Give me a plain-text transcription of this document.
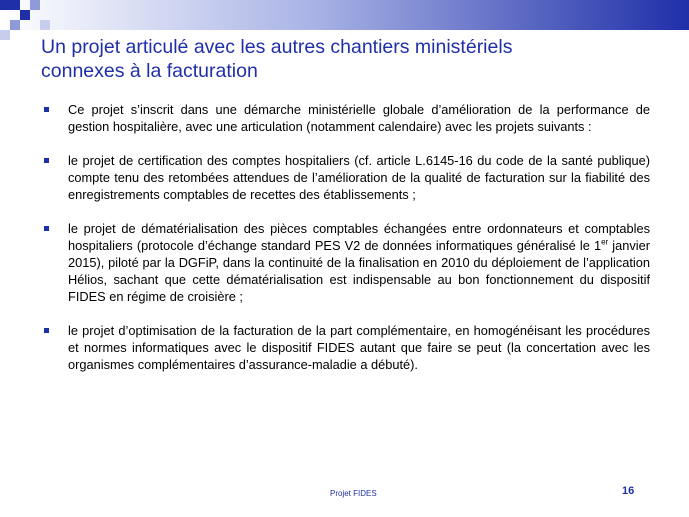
Un projet articulé avec les autres chantiers ministériels
connexes à la facturation
Ce projet s’inscrit dans une démarche ministérielle globale d’amélioration de la performance de gestion hospitalière, avec une articulation (notamment calendaire) avec les projets suivants :
le projet de certification des comptes hospitaliers (cf. article L.6145-16 du code de la santé publique) compte tenu des retombées attendues de l’amélioration de la qualité de facturation sur la fiabilité des enregistrements comptables de recettes des établissements ;
le projet de dématérialisation des pièces comptables échangées entre ordonnateurs et comptables hospitaliers (protocole d’échange standard PES V2 de données informatiques généralisé le 1er janvier 2015), piloté par la DGFiP, dans la continuité de la finalisation en 2010 du déploiement de l’application Hélios, sachant que cette dématérialisation est indispensable au bon fonctionnement du dispositif FIDES en régime de croisière ;
le projet d’optimisation de la facturation de la part complémentaire, en homogénéisant les procédures et normes informatiques avec le dispositif FIDES autant que faire se peut (la concertation avec les organismes complémentaires d’assurance-maladie a débuté).
Projet FIDES	16
